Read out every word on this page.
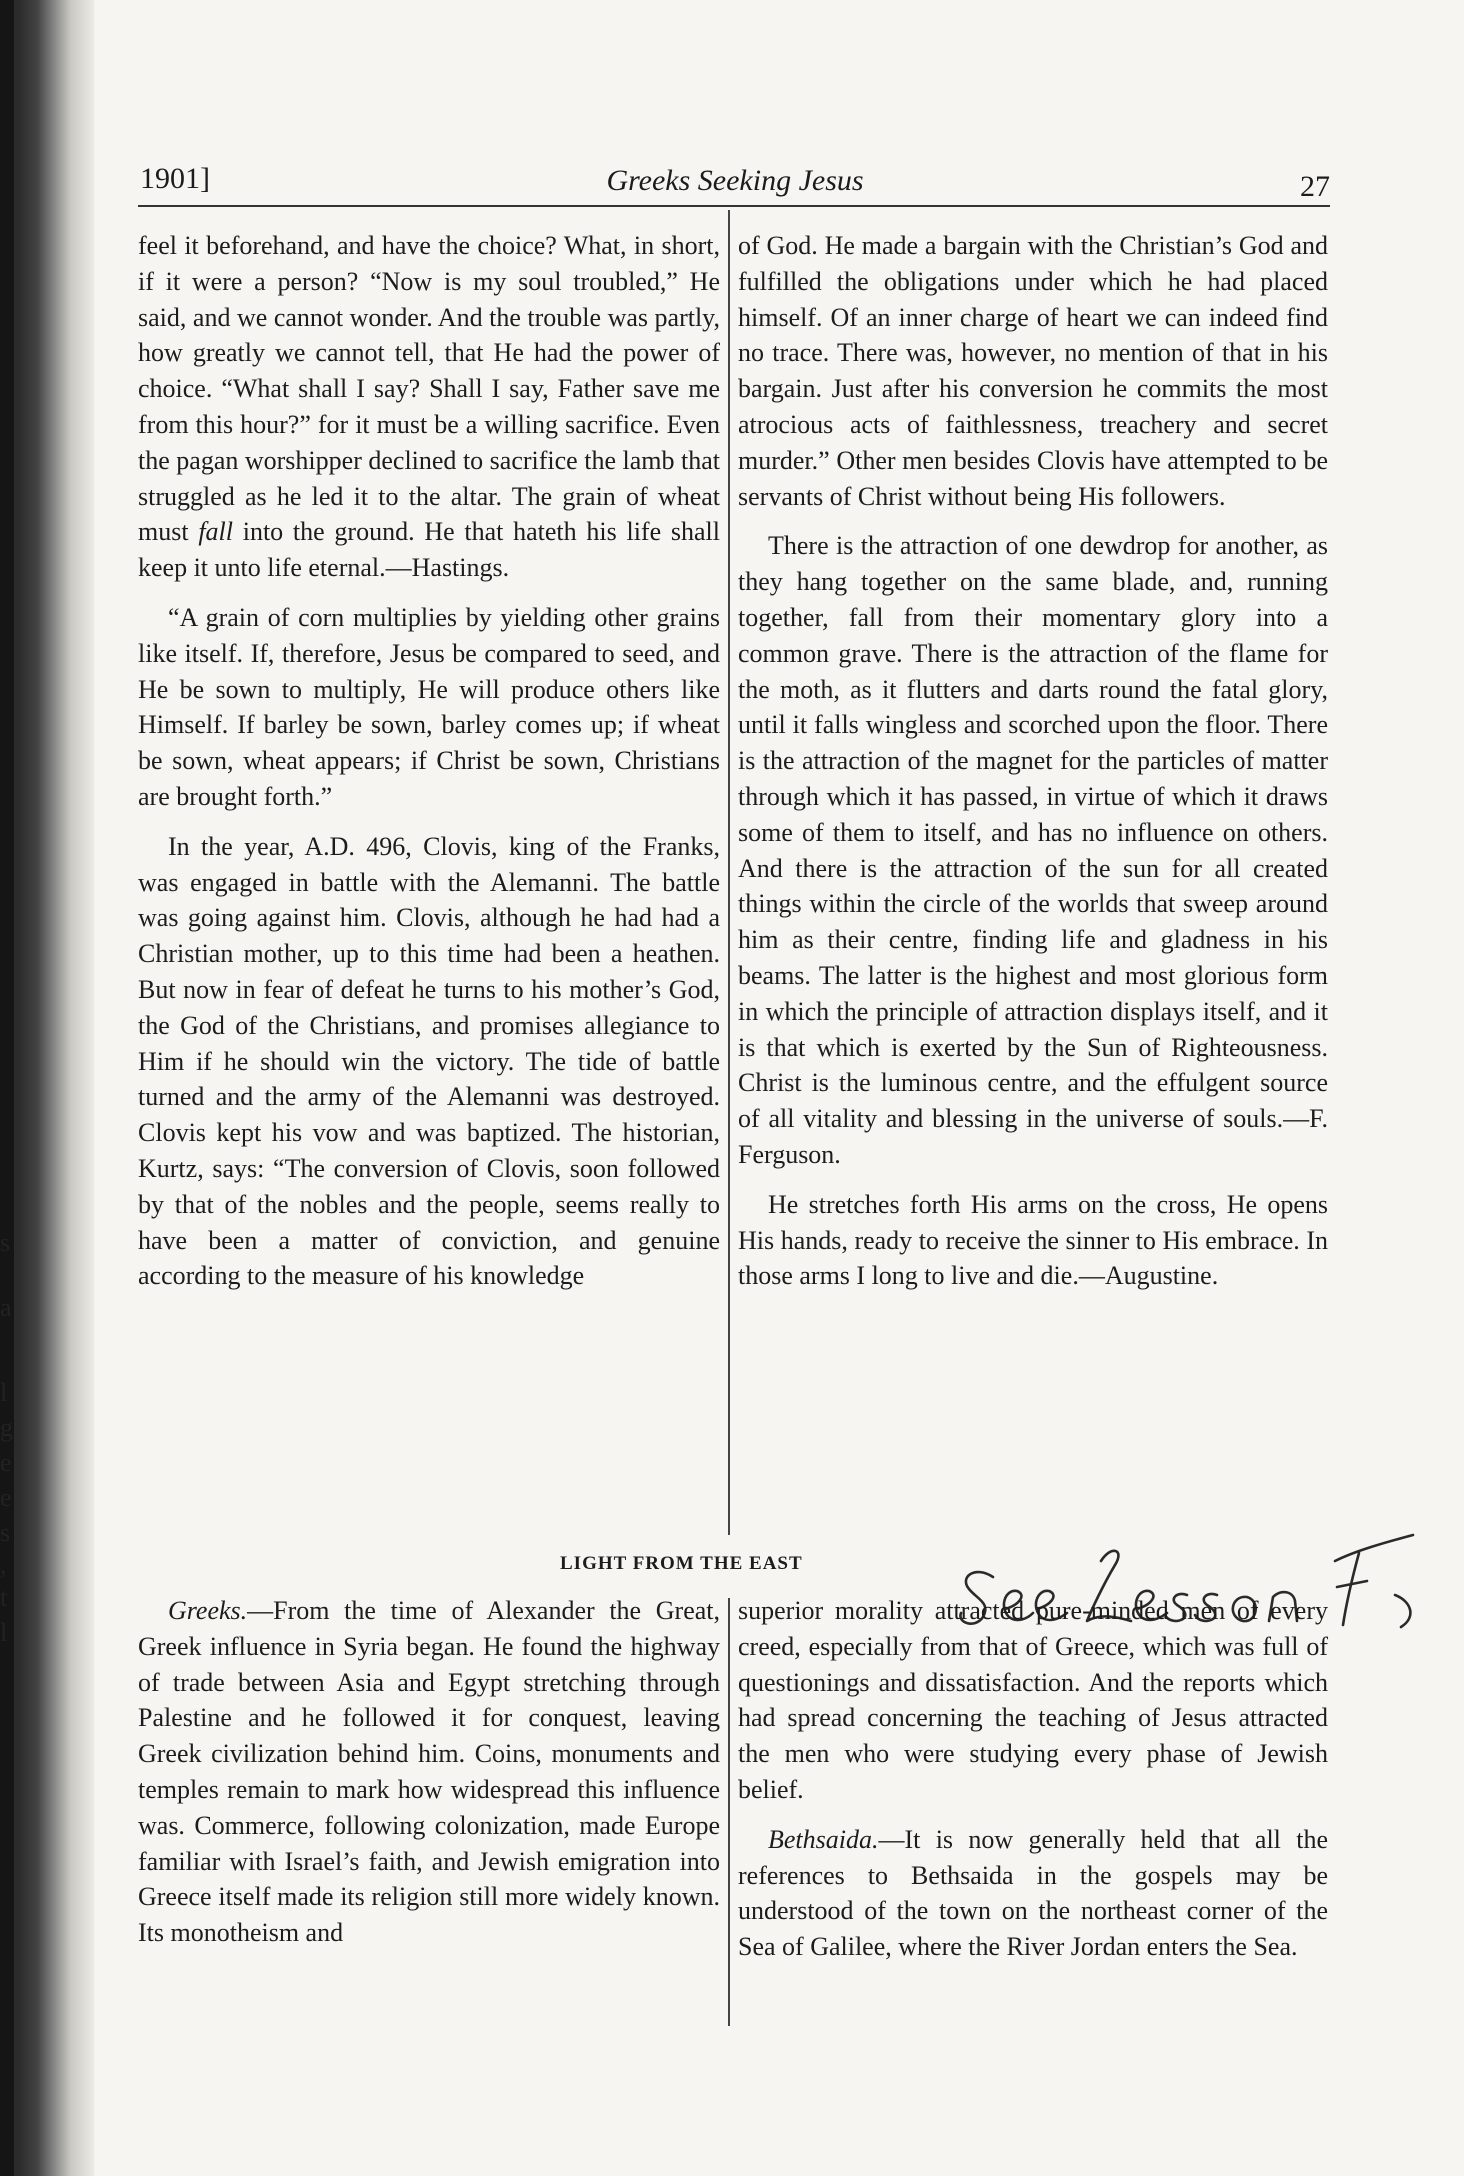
s
a
l
g
e
e
s
,
t
l
1901]	Greeks Seeking Jesus	27

feel it beforehand, and have the choice? What, in short, if it were a person? “Now is my soul troubled,” He said, and we cannot wonder. And the trouble was partly, how greatly we cannot tell, that He had the power of choice. “What shall I say? Shall I say, Father save me from this hour?” for it must be a willing sacrifice. Even the pagan worshipper declined to sacrifice the lamb that struggled as he led it to the altar. The grain of wheat must fall into the ground. He that hateth his life shall keep it unto life eternal.—Hastings.

“A grain of corn multiplies by yielding other grains like itself. If, therefore, Jesus be compared to seed, and He be sown to multiply, He will produce others like Himself. If barley be sown, barley comes up; if wheat be sown, wheat appears; if Christ be sown, Christians are brought forth.”

In the year, A.D. 496, Clovis, king of the Franks, was engaged in battle with the Alemanni. The battle was going against him. Clovis, although he had had a Christian mother, up to this time had been a heathen. But now in fear of defeat he turns to his mother’s God, the God of the Christians, and promises allegiance to Him if he should win the victory. The tide of battle turned and the army of the Alemanni was destroyed. Clovis kept his vow and was baptized. The historian, Kurtz, says: “The conversion of Clovis, soon followed by that of the nobles and the people, seems really to have been a matter of conviction, and genuine according to the measure of his knowledge

of God. He made a bargain with the Christian’s God and fulfilled the obligations under which he had placed himself. Of an inner charge of heart we can indeed find no trace. There was, however, no mention of that in his bargain. Just after his conversion he commits the most atrocious acts of faithlessness, treachery and secret murder.” Other men besides Clovis have attempted to be servants of Christ without being His followers.

There is the attraction of one dewdrop for another, as they hang together on the same blade, and, running together, fall from their momentary glory into a common grave. There is the attraction of the flame for the moth, as it flutters and darts round the fatal glory, until it falls wingless and scorched upon the floor. There is the attraction of the magnet for the particles of matter through which it has passed, in virtue of which it draws some of them to itself, and has no influence on others. And there is the attraction of the sun for all created things within the circle of the worlds that sweep around him as their centre, finding life and gladness in his beams. The latter is the highest and most glorious form in which the principle of attraction displays itself, and it is that which is exerted by the Sun of Righteousness. Christ is the luminous centre, and the effulgent source of all vitality and blessing in the universe of souls.—F. Ferguson.

He stretches forth His arms on the cross, He opens His hands, ready to receive the sinner to His embrace. In those arms I long to live and die.—Augustine.

LIGHT FROM THE EAST

Greeks.—From the time of Alexander the Great, Greek influence in Syria began. He found the highway of trade between Asia and Egypt stretching through Palestine and he followed it for conquest, leaving Greek civilization behind him. Coins, monuments and temples remain to mark how widespread this influence was. Commerce, following colonization, made Europe familiar with Israel’s faith, and Jewish emigration into Greece itself made its religion still more widely known. Its monotheism and

superior morality attracted pure-minded men of every creed, especially from that of Greece, which was full of questionings and dissatisfaction. And the reports which had spread concerning the teaching of Jesus attracted the men who were studying every phase of Jewish belief.

Bethsaida.—It is now generally held that all the references to Bethsaida in the gospels may be understood of the town on the northeast corner of the Sea of Galilee, where the River Jordan enters the Sea.
